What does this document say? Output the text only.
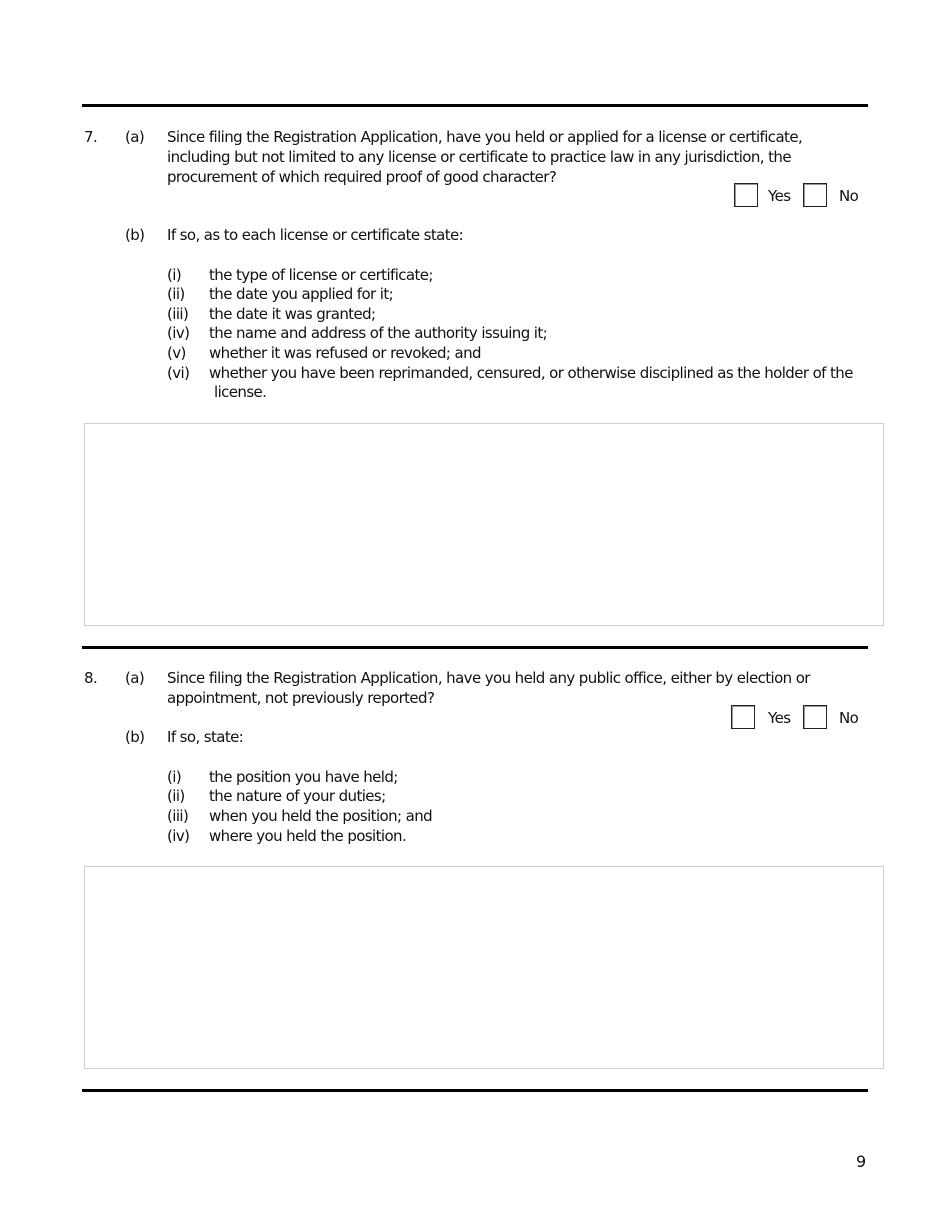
7. (a) Since filing the Registration Application, have you held or applied for a license or certificate,
including but not limited to any license or certificate to practice law in any jurisdiction, the
procurement of which required proof of good character?
Yes	No
(b) If so, as to each license or certificate state:
(i) the type of license or certificate;
(ii) the date you applied for it;
(iii) the date it was granted;
(iv) the name and address of the authority issuing it;
(v) whether it was refused or revoked; and
(vi) whether you have been reprimanded, censured, or otherwise disciplined as the holder of the
license.
8. (a) Since filing the Registration Application, have you held any public office, either by election or
appointment, not previously reported?
Yes	No
(b) If so, state:
(i) the position you have held;
(ii) the nature of your duties;
(iii) when you held the position; and
(iv) where you held the position.
9
